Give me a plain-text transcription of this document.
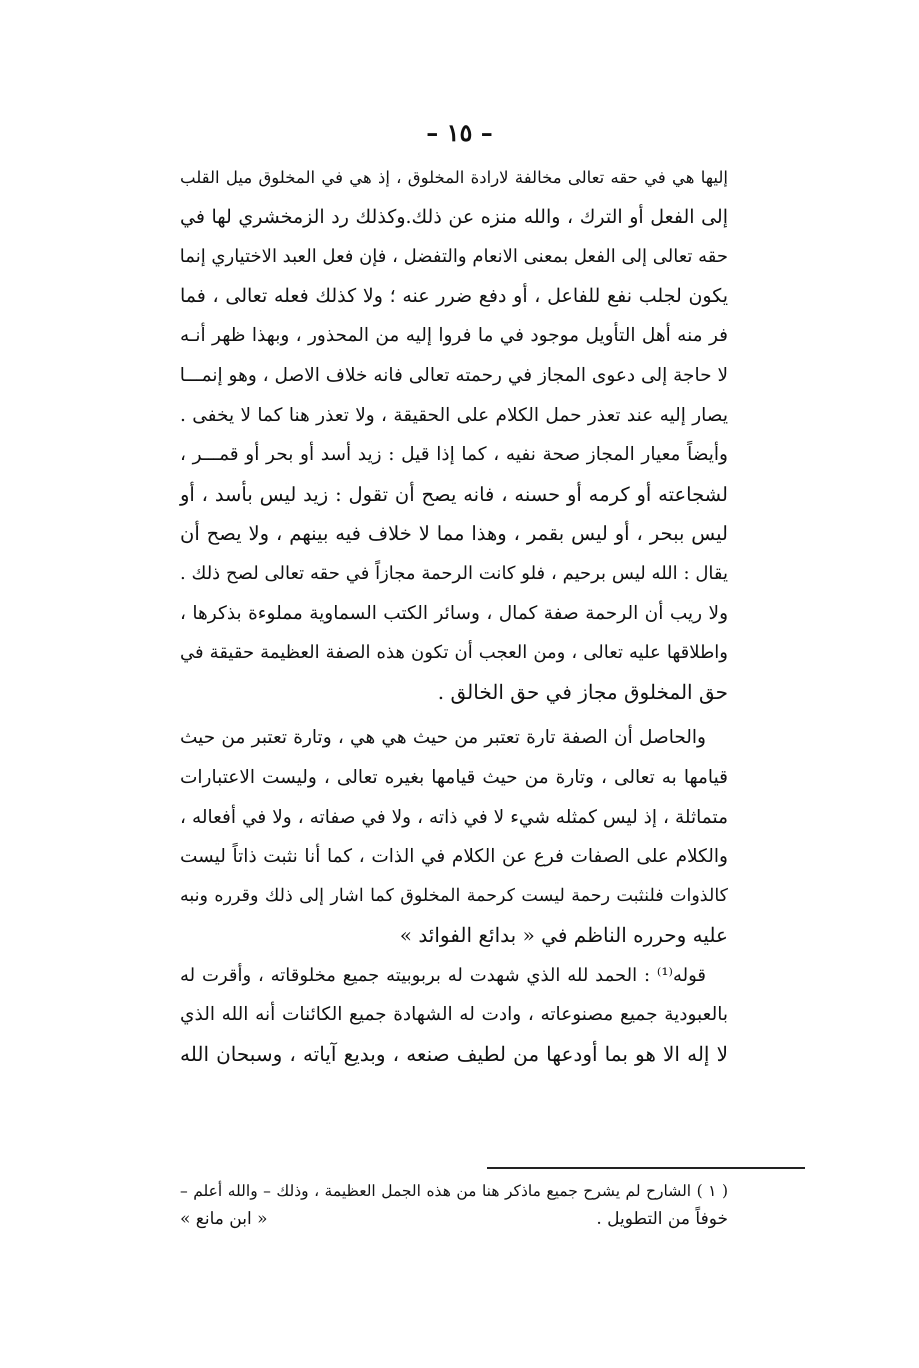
– ١٥ –
إليها هي في حقه تعالى مخالفة لارادة المخلوق ، إذ هي في المخلوق ميل القلب
إلى الفعل أو الترك ، والله منزه عن ذلك.وكذلك رد الزمخشري لها في
حقه تعالى إلى الفعل بمعنى الانعام والتفضل ، فإن فعل العبد الاختياري إنما
يكون لجلب نفع للفاعل ، أو دفع ضرر عنه ؛ ولا كذلك فعله تعالى ، فما
فر منه أهل التأويل موجود في ما فروا إليه من المحذور ، وبهذا ظهر أنـه
لا حاجة إلى دعوى المجاز في رحمته تعالى فانه خلاف الاصل ، وهو إنمـــا
يصار إليه عند تعذر حمل الكلام على الحقيقة ، ولا تعذر هنا كما لا يخفى .
وأيضاً معيار المجاز صحة نفيه ، كما إذا قيل : زيد أسد أو بحر أو قمـــر ،
لشجاعته أو كرمه أو حسنه ، فانه يصح أن تقول : زيد ليس بأسد ، أو
ليس ببحر ، أو ليس بقمر ، وهذا مما لا خلاف فيه بينهم ، ولا يصح أن
يقال : الله ليس برحيم ، فلو كانت الرحمة مجازاً في حقه تعالى لصح ذلك .
ولا ريب أن الرحمة صفة كمال ، وسائر الكتب السماوية مملوءة بذكرها ،
واطلاقها عليه تعالى ، ومن العجب أن تكون هذه الصفة العظيمة حقيقة في
حق المخلوق مجاز في حق الخالق .
والحاصل أن الصفة تارة تعتبر من حيث هي هي ، وتارة تعتبر من حيث
قيامها به تعالى ، وتارة من حيث قيامها بغيره تعالى ، وليست الاعتبارات
متماثلة ، إذ ليس كمثله شيء لا في ذاته ، ولا في صفاته ، ولا في أفعاله ،
والكلام على الصفات فرع عن الكلام في الذات ، كما أنا نثبت ذاتاً ليست
كالذوات فلنثبت رحمة ليست كرحمة المخلوق كما اشار إلى ذلك وقرره ونبه
عليه وحرره الناظم في « بدائع الفوائد »
قوله⁽¹⁾ : الحمد لله الذي شهدت له بربوبيته جميع مخلوقاته ، وأقرت له
بالعبودية جميع مصنوعاته ، وادت له الشهادة جميع الكائنات أنه الله الذي
لا إله الا هو بما أودعها من لطيف صنعه ، وبديع آياته ، وسبحان الله
( ١ ) الشارح لم يشرح جميع ماذكر هنا من هذه الجمل العظيمة ، وذلك – والله أعلم –
خوفاً من التطويل .
« ابن مانع »
